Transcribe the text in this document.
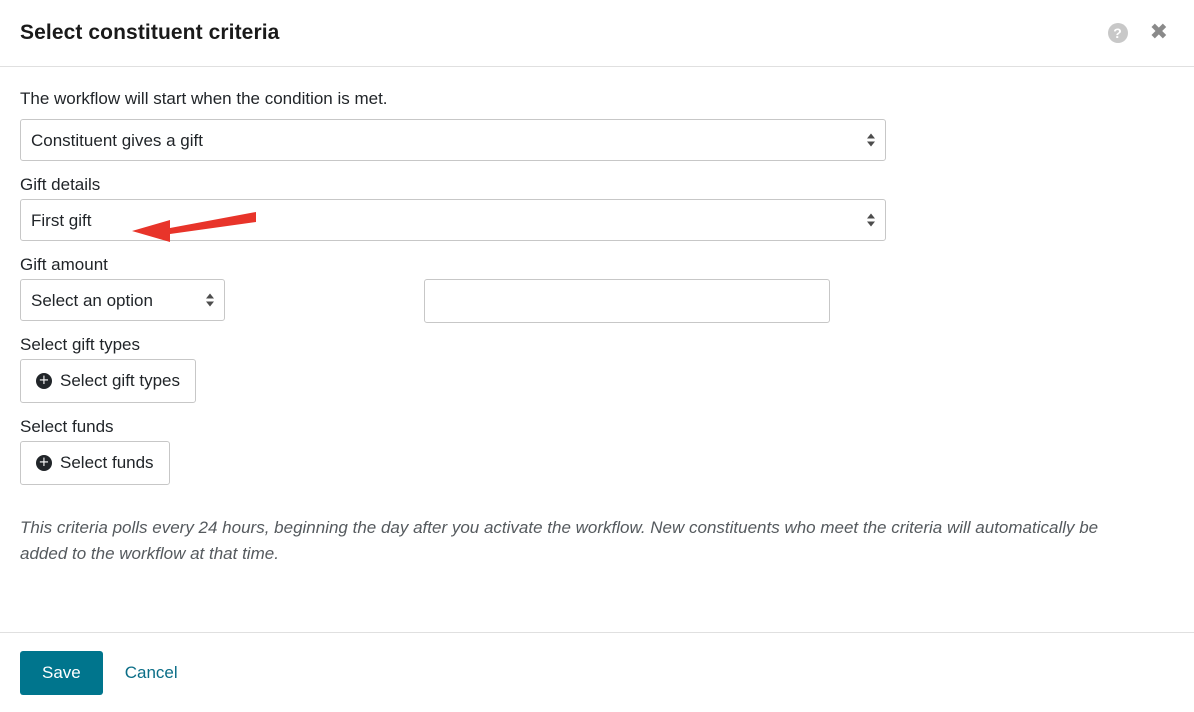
Select constituent criteria	? ✖
The workflow will start when the condition is met.
Constituent gives a gift
Gift details
First gift
Gift amount
Select an option
Select gift types
+ Select gift types
Select funds
+ Select funds
This criteria polls every 24 hours, beginning the day after you activate the workflow. New constituents who meet the criteria will automatically be added to the workflow at that time.
Save	Cancel
